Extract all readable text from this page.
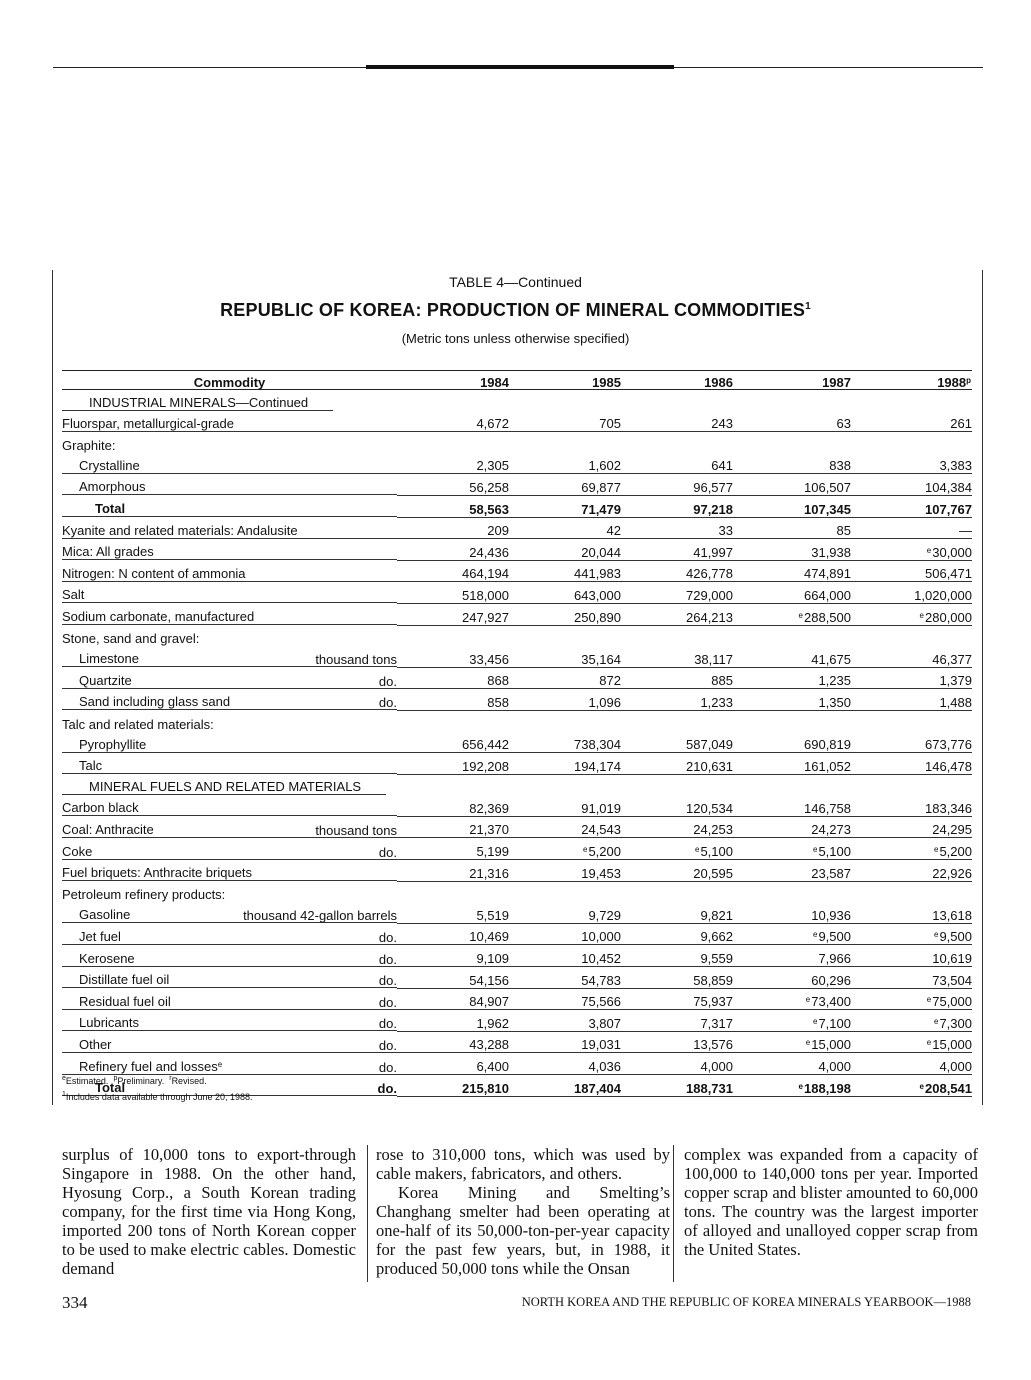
TABLE 4—Continued
REPUBLIC OF KOREA: PRODUCTION OF MINERAL COMMODITIES$^1$
(Metric tons unless otherwise specified)
Commodity	1984	1985	1986	1987	1988$^p$
INDUSTRIAL MINERALS—Continued					

Fluorspar, metallurgical-grade	4,672	705	243	63	261
Graphite:					

Crystalline	2,305	1,602	641	838	3,383

Amorphous	56,258	69,877	96,577	106,507	104,384

Total	58,563	71,479	97,218	107,345	107,767

Kyanite and related materials: Andalusite	209	42	33	85	—

Mica: All grades	24,436	20,044	41,997	31,938	$^e$30,000

Nitrogen: N content of ammonia	464,194	441,983	426,778	474,891	506,471

Salt	518,000	643,000	729,000	664,000	1,020,000

Sodium carbonate, manufactured	247,927	250,890	264,213	$^e$288,500	$^e$280,000
Stone, sand and gravel:					

Limestone thousand tons	33,456	35,164	38,117	41,675	46,377

Quartzite do.	868	872	885	1,235	1,379

Sand including glass sand do.	858	1,096	1,233	1,350	1,488
Talc and related materials:					

Pyrophyllite	656,442	738,304	587,049	690,819	673,776

Talc	192,208	194,174	210,631	161,052	146,478
MINERAL FUELS AND RELATED MATERIALS					

Carbon black	82,369	91,019	120,534	146,758	183,346

Coal: Anthracite thousand tons	21,370	24,543	24,253	24,273	24,295

Coke do.	5,199	$^e$5,200	$^e$5,100	$^e$5,100	$^e$5,200

Fuel briquets: Anthracite briquets	21,316	19,453	20,595	23,587	22,926
Petroleum refinery products:					

Gasoline thousand 42-gallon barrels	5,519	9,729	9,821	10,936	13,618

Jet fuel do.	10,469	10,000	9,662	$^e$9,500	$^e$9,500

Kerosene do.	9,109	10,452	9,559	7,966	10,619

Distillate fuel oil do.	54,156	54,783	58,859	60,296	73,504

Residual fuel oil do.	84,907	75,566	75,937	$^e$73,400	$^e$75,000

Lubricants do.	1,962	3,807	7,317	$^e$7,100	$^e$7,300

Other do.	43,288	19,031	13,576	$^e$15,000	$^e$15,000

Refinery fuel and losses$^e$ do.	6,400	4,036	4,000	4,000	4,000

Total do.	215,810	187,404	188,731	$^e$188,198	$^e$208,541
$^e$Estimated. $^p$Preliminary. $^r$Revised.
$^1$Includes data available through June 20, 1988.

surplus of 10,000 tons to export-through Singapore in 1988. On the other hand, Hyosung Corp., a South Korean trading company, for the first time via Hong Kong, imported 200 tons of North Korean copper to be used to make electric cables. Domestic demand

rose to 310,000 tons, which was used by cable makers, fabricators, and others.

Korea Mining and Smelting’s Changhang smelter had been operating at one-half of its 50,000-ton-per-year capacity for the past few years, but, in 1988, it produced 50,000 tons while the Onsan

complex was expanded from a capacity of 100,000 to 140,000 tons per year. Imported copper scrap and blister amounted to 60,000 tons. The country was the largest importer of alloyed and unalloyed copper scrap from the United States.

334	NORTH KOREA AND THE REPUBLIC OF KOREA MINERALS YEARBOOK—1988
